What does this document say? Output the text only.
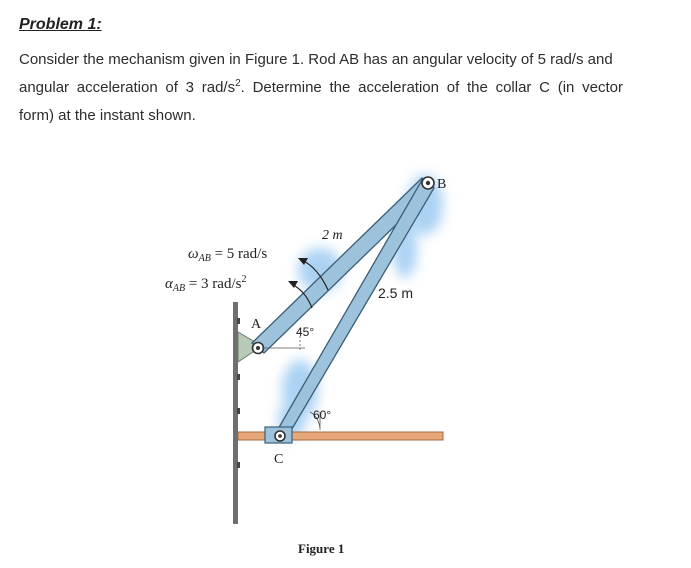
Problem 1:
Consider the mechanism given in Figure 1. Rod AB has an angular velocity of 5 rad/s and
angular acceleration of 3 rad/$s^2$. Determine the acceleration of the collar C (in vector
form) at the instant shown.
B
A
C
2 m
2.5 m
45°
60°
$\omega_{AB} = 5$ rad/s
$\alpha_{AB} = 3$ rad/$s^2$
Figure 1
